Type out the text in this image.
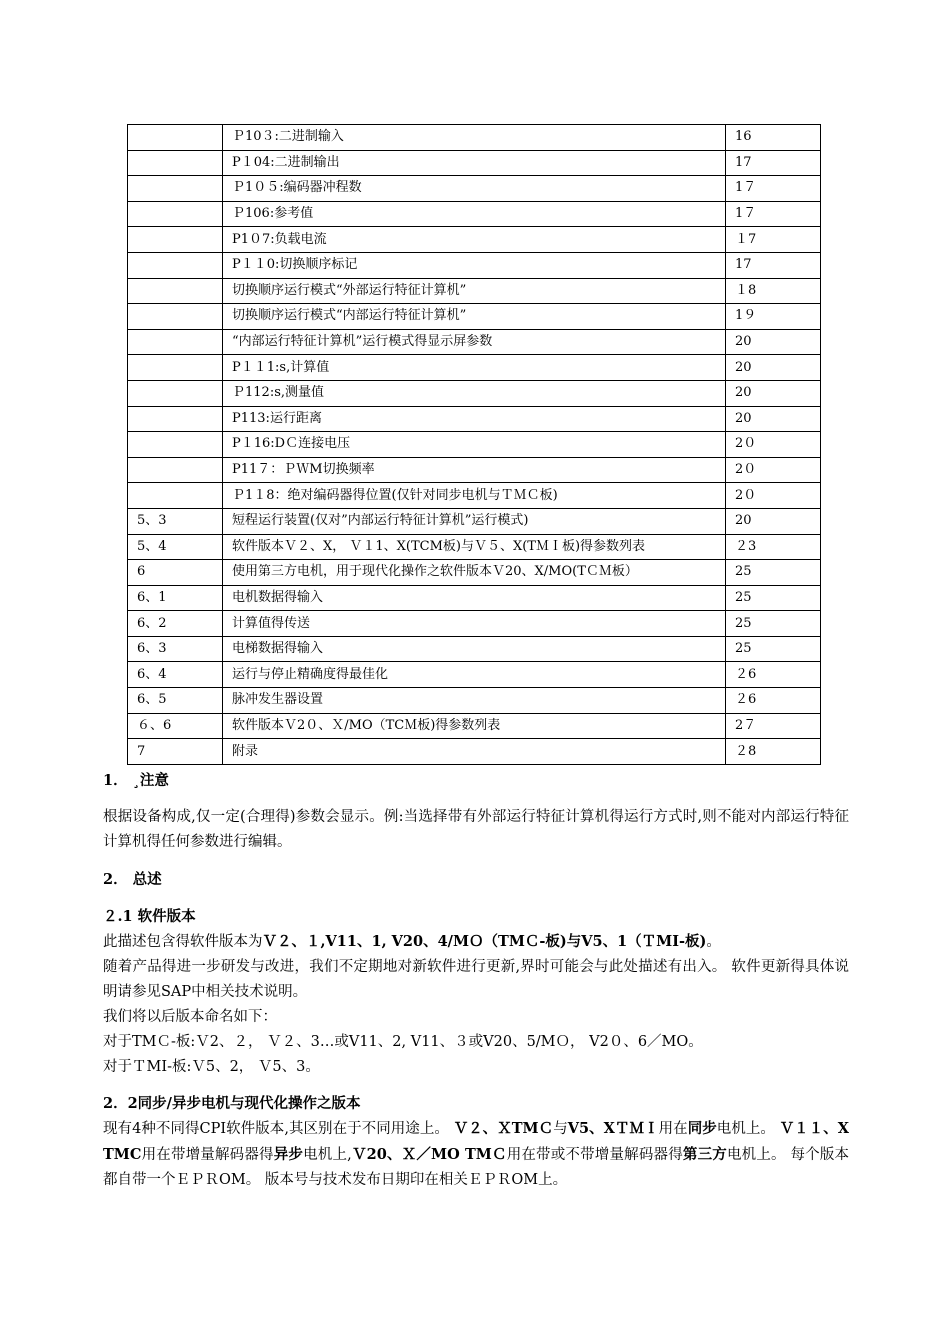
	Ｐ10３:二进制输入	16
	P１04:二进制输出	17
	Ｐ1０５:编码器冲程数	1７
	Ｐ106:参考值	1７
	P1０7:负载电流	１7
	P１１0:切换顺序标记	17
	切换顺序运行模式“外部运行特征计算机”	１8
	切换顺序运行模式“内部运行特征计算机”	1９
	“内部运行特征计算机”运行模式得显示屏参数	20
	P１１1:s,计算值	20
	Ｐ112:s,测量值	20
	P113:运行距离	20
	P１16:DＣ连接电压	2０
	P11７：ＰＷM切换频率	2０
	Ｐ1１8：绝对编码器得位置(仅针对同步电机与ＴＭＣ板)	2０
5、3	短程运行装置(仅对”内部运行特征计算机”运行模式)	20
5、4	软件版本Ｖ２、X， Ｖ１1、X(TCM板)与Ｖ５、X(TＭＩ板)得参数列表	２3
6	使用第三方电机，用于现代化操作之软件版本Ｖ20、X/MO(TＣＭ板）	25
6、1	电机数据得输入	25
6、2	计算值得传送	25
6、3	电梯数据得输入	25
6、4	运行与停止精确度得最佳化	２6
6、5	脉冲发生器设置	２6
６、6	软件版本Ｖ2０、Ｘ/MO（TCＭ板)得参数列表	2７
7	附录	２8
1． ¸注意
根据设备构成,仅一定(合理得)参数会显示。例:当选择带有外部运行特征计算机得运行方式时,则不能对内部运行特征计算机得任何参数进行编辑。
2． 总述
２.1 软件版本
此描述包含得软件版本为Ｖ２、１,V11、1, V20、4/MＯ（TMＣ-板)与V5、1（ＴMI-板)。
随着产品得进一步研发与改进，我们不定期地对新软件进行更新,界时可能会与此处描述有出入。 软件更新得具体说明请参见SAP中相关技术说明。
我们将以后版本命名如下：
对于TMＣ-板:Ｖ2、２， Ｖ２、3…或V11、2, V11、３或V20、5/MＯ， V2０、6／MO。
对于ＴMI-板:Ｖ5、2， Ｖ5、3。
2．2同步/异步电机与现代化操作之版本
现有4种不同得CPI软件版本,其区别在于不同用途上。 Ｖ２、ＸTMＣ与V5、XＴＭＩ用在同步电机上。 Ｖ１１、X TMC用在带增量解码器得异步电机上,Ｖ20、Ｘ／MO TMＣ用在带或不带增量解码器得第三方电机上。 每个版本都自带一个ＥＰＲOM。 版本号与技术发布日期印在相关ＥＰＲOM上。
